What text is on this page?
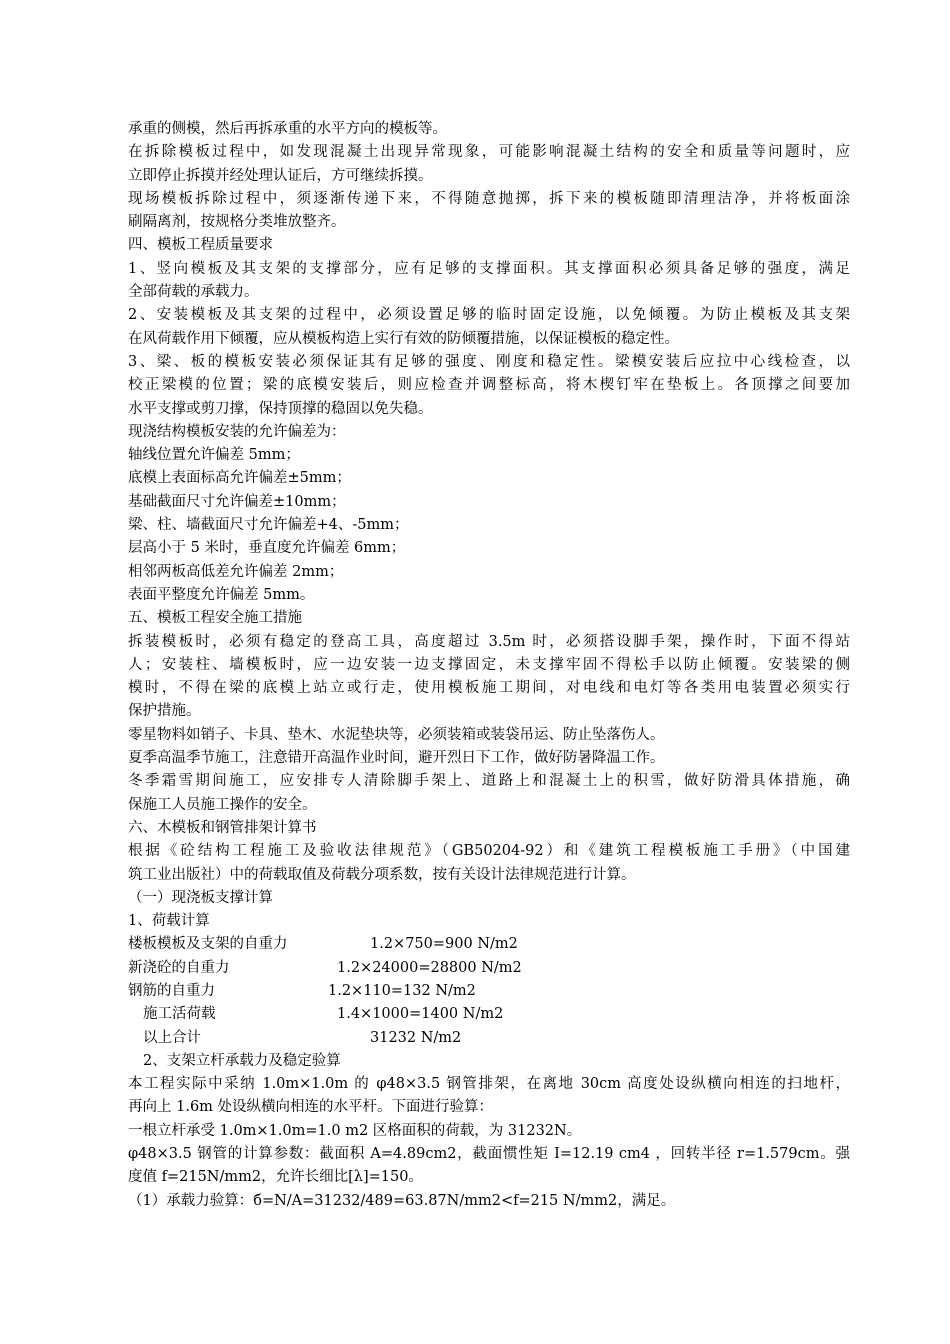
承重的侧模，然后再拆承重的水平方向的模板等。
在拆除模板过程中，如发现混凝土出现异常现象，可能影响混凝土结构的安全和质量等问题时，应
立即停止拆摸并经处理认证后，方可继续拆摸。
现场模板拆除过程中，须逐渐传递下来，不得随意抛掷，拆下来的模板随即清理洁净，并将板面涂
刷隔离剂，按规格分类堆放整齐。
四、模板工程质量要求
1、竖向模板及其支架的支撑部分，应有足够的支撑面积。其支撑面积必须具备足够的强度，满足
全部荷载的承载力。
2、安装模板及其支架的过程中，必须设置足够的临时固定设施，以免倾覆。为防止模板及其支架
在风荷载作用下倾覆，应从模板构造上实行有效的防倾覆措施，以保证模板的稳定性。
3、梁、板的模板安装必须保证其有足够的强度、刚度和稳定性。梁模安装后应拉中心线检查，以
校正梁模的位置；梁的底模安装后，则应检查并调整标高，将木楔钉牢在垫板上。各顶撑之间要加
水平支撑或剪刀撑，保持顶撑的稳固以免失稳。
现浇结构模板安装的允许偏差为：
轴线位置允许偏差 5mm；
底模上表面标高允许偏差±5mm；
基础截面尺寸允许偏差±10mm；
梁、柱、墙截面尺寸允许偏差+4、-5mm；
层高小于 5 米时，垂直度允许偏差 6mm；
相邻两板高低差允许偏差 2mm；
表面平整度允许偏差 5mm。
五、模板工程安全施工措施
拆装模板时，必须有稳定的登高工具，高度超过 3.5m 时，必须搭设脚手架，操作时，下面不得站
人；安装柱、墙模板时，应一边安装一边支撑固定，未支撑牢固不得松手以防止倾覆。安装梁的侧
模时，不得在梁的底模上站立或行走，使用模板施工期间，对电线和电灯等各类用电装置必须实行
保护措施。
零星物料如销子、卡具、垫木、水泥垫块等，必须装箱或装袋吊运、防止坠落伤人。
夏季高温季节施工，注意错开高温作业时间，避开烈日下工作，做好防暑降温工作。
冬季霜雪期间施工，应安排专人清除脚手架上、道路上和混凝土上的积雪，做好防滑具体措施，确
保施工人员施工操作的安全。
六、木模板和钢管排架计算书
根据《砼结构工程施工及验收法律规范》（GB50204-92）和《建筑工程模板施工手册》（中国建
筑工业出版社）中的荷载取值及荷载分项系数，按有关设计法律规范进行计算。
（一）现浇板支撑计算
1、荷载计算
楼板模板及支架的自重力	1.2×750=900 N/m2
新浇砼的自重力	1.2×24000=28800 N/m2
钢筋的自重力	1.2×110=132 N/m2
施工活荷载	1.4×1000=1400 N/m2
以上合计	31232 N/m2
2、支架立杆承载力及稳定验算
本工程实际中采纳 1.0m×1.0m 的 φ48×3.5 钢管排架，在离地 30cm 高度处设纵横向相连的扫地杆，
再向上 1.6m 处设纵横向相连的水平杆。下面进行验算：
一根立杆承受 1.0m×1.0m=1.0 m2 区格面积的荷载，为 31232N。
φ48×3.5 钢管的计算参数：截面积 A=4.89cm2，截面惯性矩 I=12.19 cm4 ，回转半径 r=1.579cm。强
度值 f=215N/mm2，允许长细比[λ]=150。
（1）承载力验算：б=N/A=31232/489=63.87N/mm2<f=215 N/mm2，满足。
